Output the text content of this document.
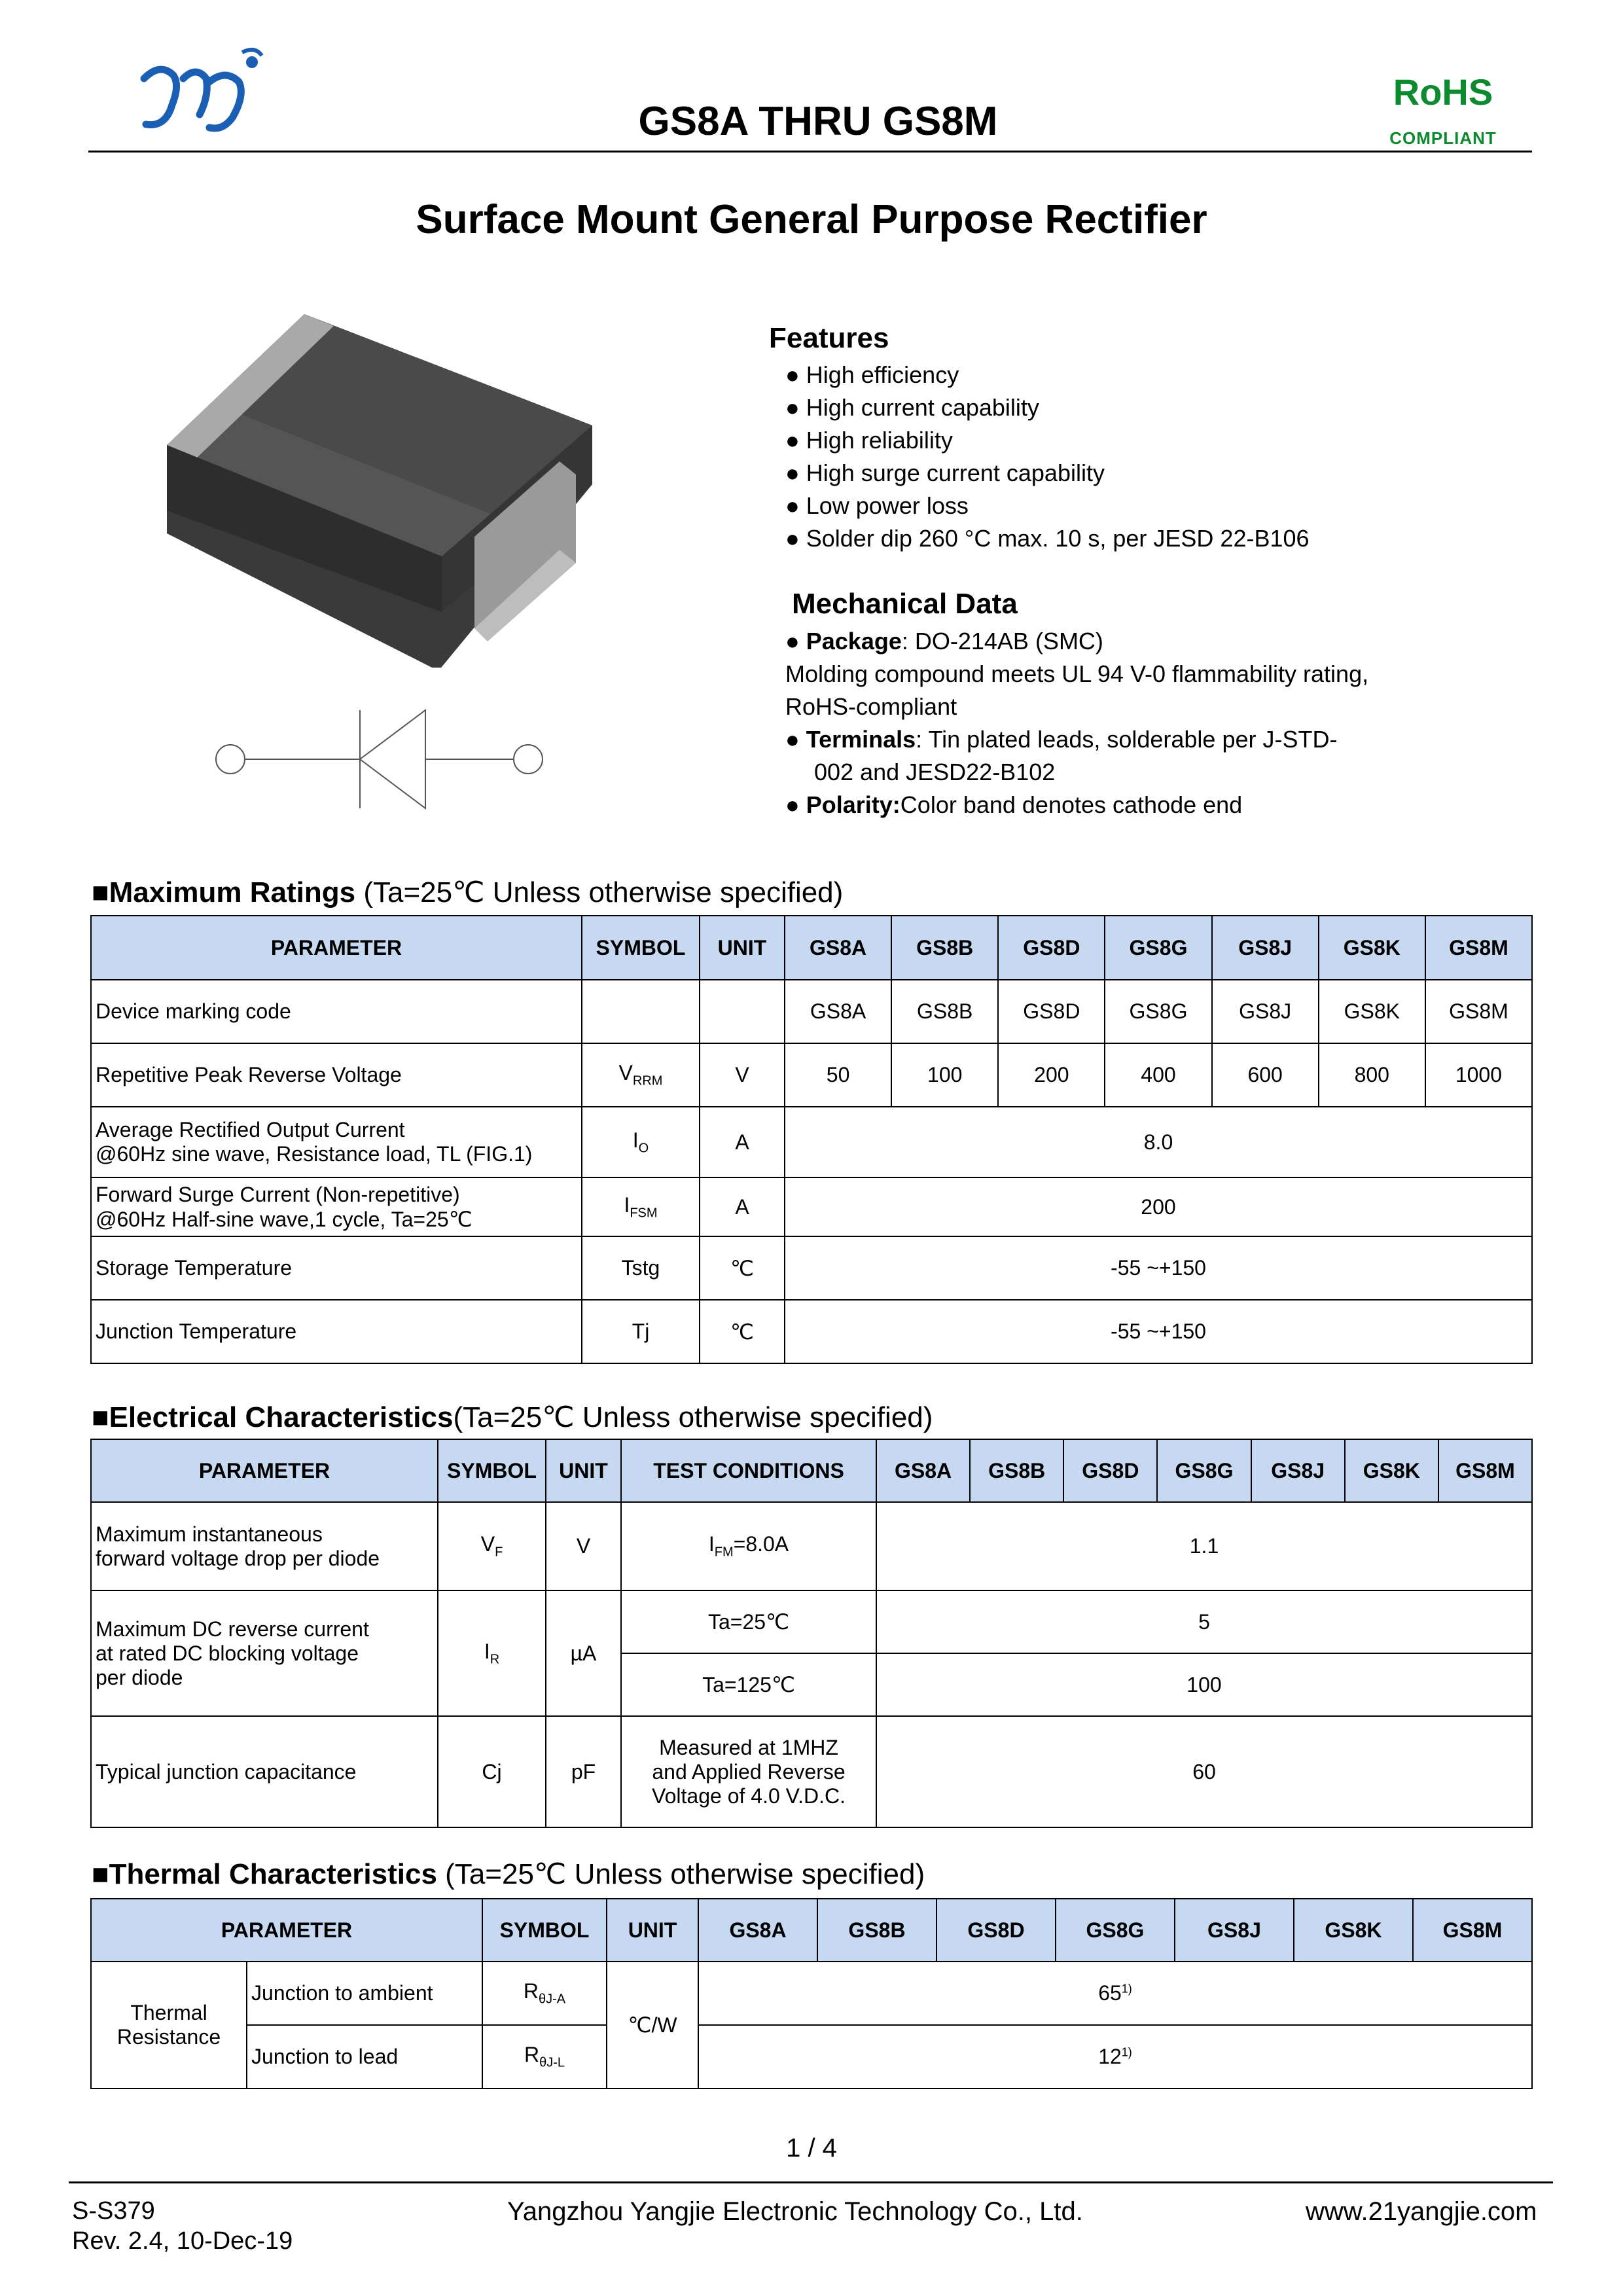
GS8A THRU GS8M
RoHS
COMPLIANT
Surface Mount General Purpose Rectifier
Features
● High efficiency
● High current capability
● High reliability
● High surge current capability
● Low power loss
● Solder dip 260 °C max. 10 s, per JESD 22-B106
Mechanical Data
● Package: DO-214AB (SMC)
Molding compound meets UL 94 V-0 flammability rating,
RoHS-compliant
● Terminals: Tin plated leads, solderable per J-STD-
002 and JESD22-B102
● Polarity:Color band denotes cathode end
■Maximum Ratings (Ta=25℃ Unless otherwise specified)
PARAMETER	SYMBOL	UNIT	GS8A	GS8B	GS8D	GS8G	GS8J	GS8K	GS8M
Device marking code			GS8A	GS8B	GS8D	GS8G	GS8J	GS8K	GS8M
Repetitive Peak Reverse Voltage	$V_{RRM}$	V	50	100	200	400	600	800	1000

Average Rectified Output Current
@60Hz sine wave, Resistance load, TL (FIG.1)	$I_O$	A	8.0						

Forward Surge Current (Non-repetitive)
@60Hz Half-sine wave,1 cycle, Ta=25℃	$I_{FSM}$	A	200						
Storage Temperature	Tstg	℃	-55 ~+150						
Junction Temperature	Tj	℃	-55 ~+150						
■Electrical Characteristics(Ta=25℃ Unless otherwise specified)
PARAMETER	SYMBOL	UNIT	TEST CONDITIONS	GS8A	GS8B	GS8D	GS8G	GS8J	GS8K	GS8M

Maximum instantaneous
forward voltage drop per diode	$V_F$	V	$I_{FM}=8.0A$	1.1						

Maximum DC reverse current
at rated DC blocking voltage
per diode	$I_R$	µA	Ta=25℃	5						
			Ta=125℃	100						
Typical junction capacitance	Cj	pF	Measured at 1MHZ
and Applied Reverse
Voltage of 4.0 V.D.C.	60						
■Thermal Characteristics (Ta=25℃ Unless otherwise specified)
PARAMETER		SYMBOL	UNIT	GS8A	GS8B	GS8D	GS8G	GS8J	GS8K	GS8M

Thermal
Resistance	Junction to ambient	$R_{\theta J-A}$	℃/W	65$^{1)}$
	Junction to lead	$R_{\theta J-L}$		12$^{1)}$
1 / 4
S-S379
Rev. 2.4, 10-Dec-19
Yangzhou Yangjie Electronic Technology Co., Ltd.	www.21yangjie.com
